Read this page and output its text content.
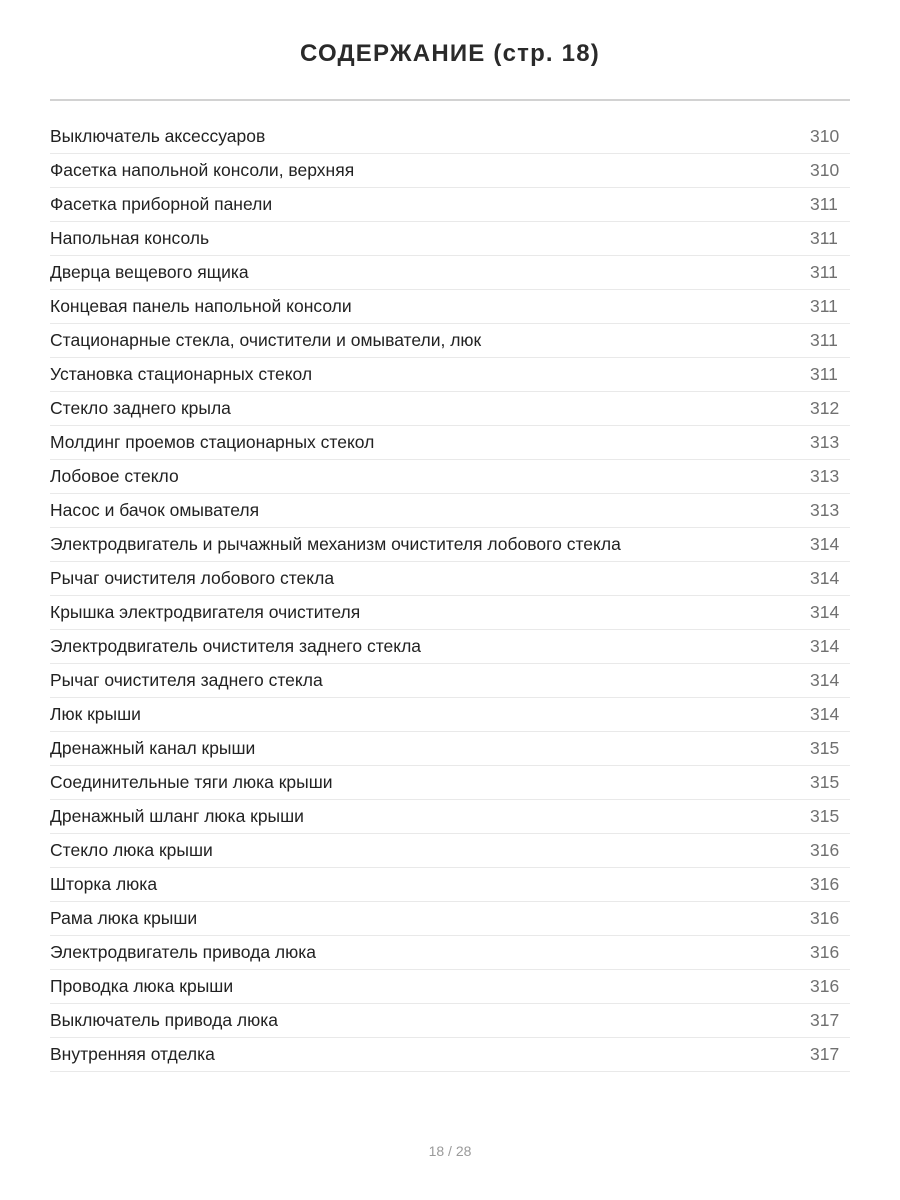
СОДЕРЖАНИЕ (стр. 18)
Выключатель аксессуаров	310
Фасетка напольной консоли, верхняя	310
Фасетка приборной панели	311
Напольная консоль	311
Дверца вещевого ящика	311
Концевая панель напольной консоли	311
Стационарные стекла, очистители и омыватели, люк	311
Установка стационарных стекол	311
Стекло заднего крыла	312
Молдинг проемов стационарных стекол	313
Лобовое стекло	313
Насос и бачок омывателя	313
Электродвигатель и рычажный механизм очистителя лобового стекла	314
Рычаг очистителя лобового стекла	314
Крышка электродвигателя очистителя	314
Электродвигатель очистителя заднего стекла	314
Рычаг очистителя заднего стекла	314
Люк крыши	314
Дренажный канал крыши	315
Соединительные тяги люка крыши	315
Дренажный шланг люка крыши	315
Стекло люка крыши	316
Шторка люка	316
Рама люка крыши	316
Электродвигатель привода люка	316
Проводка люка крыши	316
Выключатель привода люка	317
Внутренняя отделка	317
18 / 28
